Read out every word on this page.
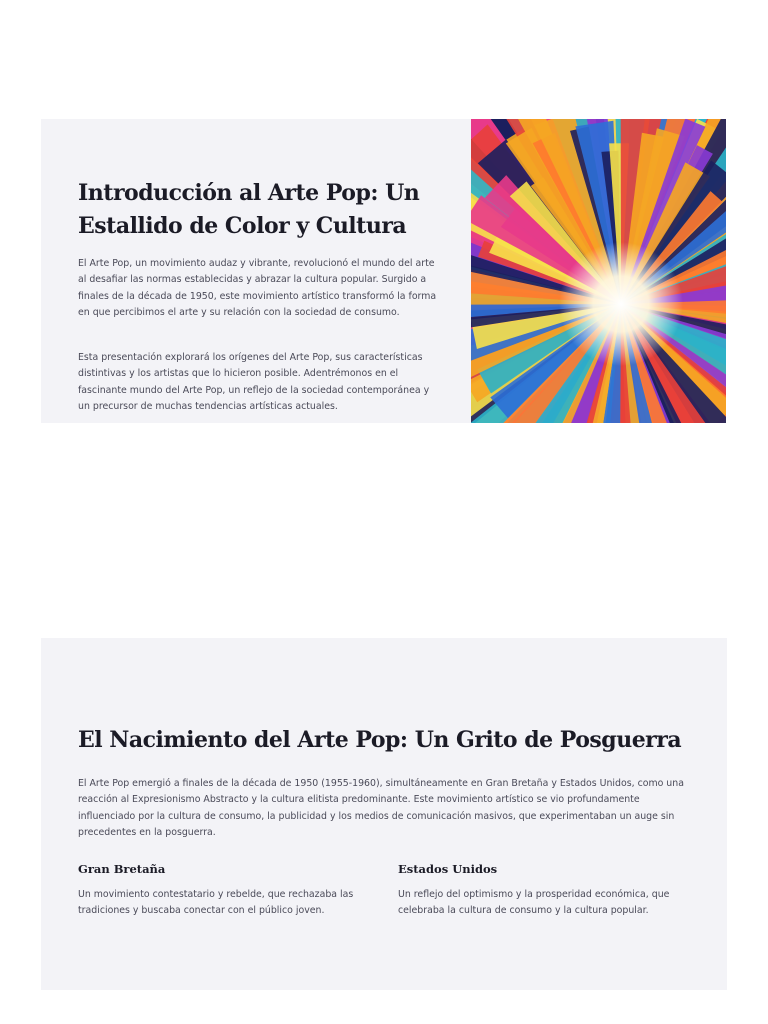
Introducción al Arte Pop: Un Estallido de Color y Cultura

El Arte Pop, un movimiento audaz y vibrante, revolucionó el mundo del arte al desafiar las normas establecidas y abrazar la cultura popular. Surgido a finales de la década de 1950, este movimiento artístico transformó la forma en que percibimos el arte y su relación con la sociedad de consumo.

Esta presentación explorará los orígenes del Arte Pop, sus características distintivas y los artistas que lo hicieron posible. Adentrémonos en el fascinante mundo del Arte Pop, un reflejo de la sociedad contemporánea y un precursor de muchas tendencias artísticas actuales.

El Nacimiento del Arte Pop: Un Grito de Posguerra

El Arte Pop emergió a finales de la década de 1950 (1955-1960), simultáneamente en Gran Bretaña y Estados Unidos, como una reacción al Expresionismo Abstracto y la cultura elitista predominante. Este movimiento artístico se vio profundamente influenciado por la cultura de consumo, la publicidad y los medios de comunicación masivos, que experimentaban un auge sin precedentes en la posguerra.

Gran Bretaña

Un movimiento contestatario y rebelde, que rechazaba las tradiciones y buscaba conectar con el público joven.

Estados Unidos

Un reflejo del optimismo y la prosperidad económica, que celebraba la cultura de consumo y la cultura popular.
